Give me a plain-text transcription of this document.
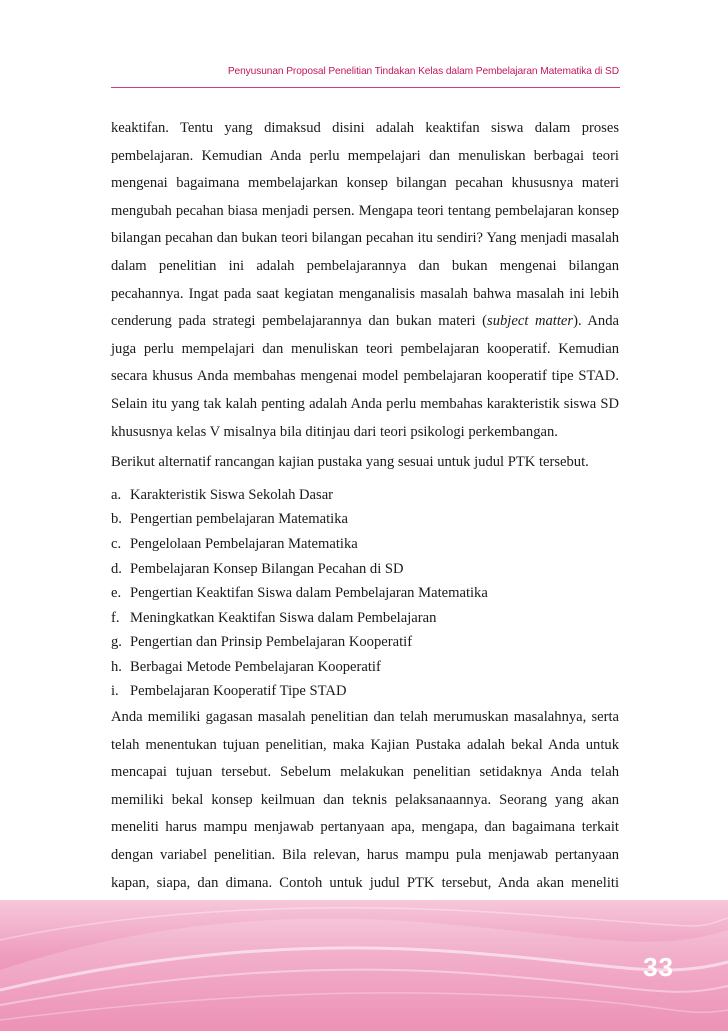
Penyusunan Proposal Penelitian Tindakan Kelas dalam Pembelajaran Matematika di SD

keaktifan. Tentu yang dimaksud disini adalah keaktifan siswa dalam proses pembelajaran. Kemudian Anda perlu mempelajari dan menuliskan berbagai teori mengenai bagaimana membelajarkan konsep bilangan pecahan khususnya materi mengubah pecahan biasa menjadi persen. Mengapa teori tentang pembelajaran konsep bilangan pecahan dan bukan teori bilangan pecahan itu sendiri? Yang menjadi masalah dalam penelitian ini adalah pembelajarannya dan bukan mengenai bilangan pecahannya. Ingat pada saat kegiatan menganalisis masalah bahwa masalah ini lebih cenderung pada strategi pembelajarannya dan bukan materi (subject matter). Anda juga perlu mempelajari dan menuliskan teori pembelajaran kooperatif. Kemudian secara khusus Anda membahas mengenai model pembelajaran kooperatif tipe STAD. Selain itu yang tak kalah penting adalah Anda perlu membahas karakteristik siswa SD khususnya kelas V misalnya bila ditinjau dari teori psikologi perkembangan.

Berikut alternatif rancangan kajian pustaka yang sesuai untuk judul PTK tersebut.

a. Karakteristik Siswa Sekolah Dasar
b. Pengertian pembelajaran Matematika
c. Pengelolaan Pembelajaran Matematika
d. Pembelajaran Konsep Bilangan Pecahan di SD
e. Pengertian Keaktifan Siswa dalam Pembelajaran Matematika
f. Meningkatkan Keaktifan Siswa dalam Pembelajaran
g. Pengertian dan Prinsip Pembelajaran Kooperatif
h. Berbagai Metode Pembelajaran Kooperatif
i. Pembelajaran Kooperatif Tipe STAD

Anda memiliki gagasan masalah penelitian dan telah merumuskan masalahnya, serta telah menentukan tujuan penelitian, maka Kajian Pustaka adalah bekal Anda untuk mencapai tujuan tersebut. Sebelum melakukan penelitian setidaknya Anda telah memiliki bekal konsep keilmuan dan teknis pelaksanaannya. Seorang yang akan meneliti harus mampu menjawab pertanyaan apa, mengapa, dan bagaimana terkait dengan variabel penelitian. Bila relevan, harus mampu pula menjawab pertanyaan kapan, siapa, dan dimana. Contoh untuk judul PTK tersebut, Anda akan meneliti

33
